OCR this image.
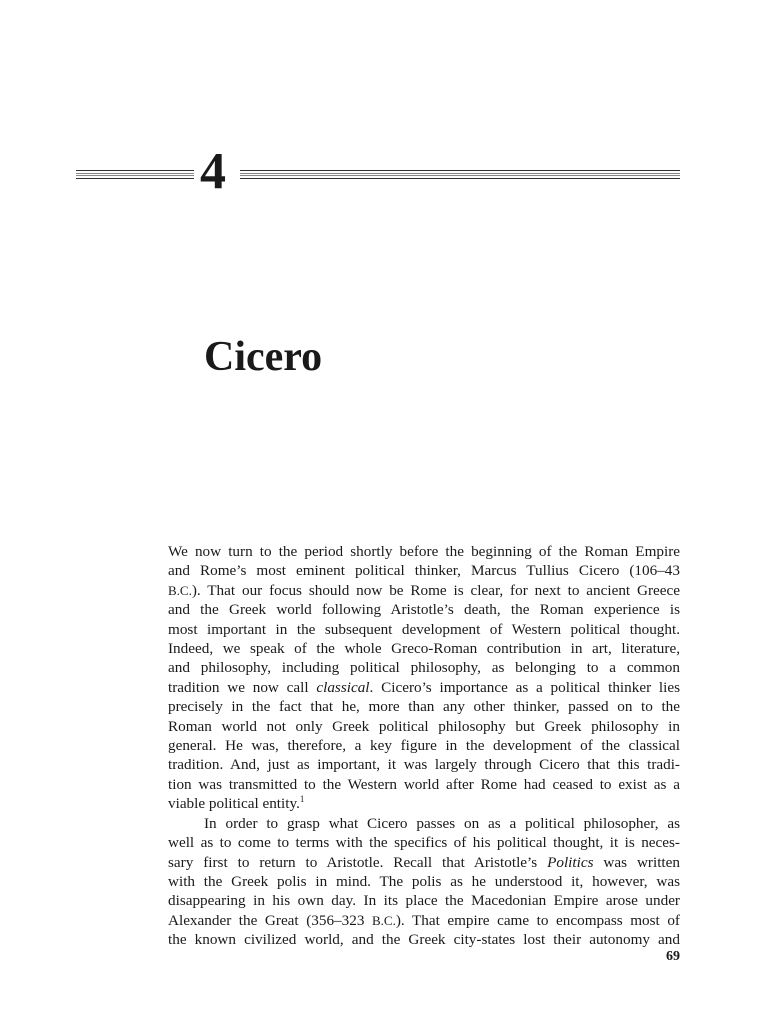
4
Cicero
We now turn to the period shortly before the beginning of the Roman Empire
and Rome’s most eminent political thinker, Marcus Tullius Cicero (106–43
B.C.). That our focus should now be Rome is clear, for next to ancient Greece
and the Greek world following Aristotle’s death, the Roman experience is
most important in the subsequent development of Western political thought.
Indeed, we speak of the whole Greco-Roman contribution in art, literature,
and philosophy, including political philosophy, as belonging to a common
tradition we now call classical. Cicero’s importance as a political thinker lies
precisely in the fact that he, more than any other thinker, passed on to the
Roman world not only Greek political philosophy but Greek philosophy in
general. He was, therefore, a key figure in the development of the classical
tradition. And, just as important, it was largely through Cicero that this tradi-
tion was transmitted to the Western world after Rome had ceased to exist as a
viable political entity.$^1$
In order to grasp what Cicero passes on as a political philosopher, as
well as to come to terms with the specifics of his political thought, it is neces-
sary first to return to Aristotle. Recall that Aristotle’s Politics was written
with the Greek polis in mind. The polis as he understood it, however, was
disappearing in his own day. In its place the Macedonian Empire arose under
Alexander the Great (356–323 B.C.). That empire came to encompass most of
the known civilized world, and the Greek city-states lost their autonomy and
69
